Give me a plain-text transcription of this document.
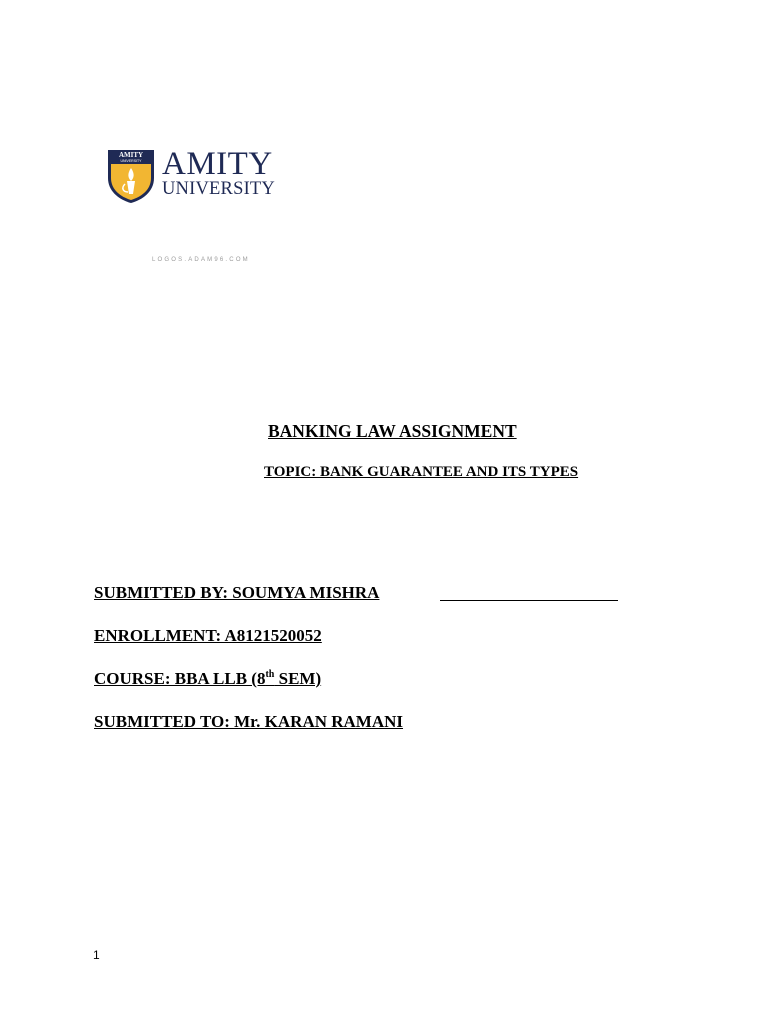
AMITY
UNIVERSITY AMITY
UNIVERSITY
LOGOS.ADAM96.COM
BANKING LAW ASSIGNMENT
TOPIC: BANK GUARANTEE AND ITS TYPES
SUBMITTED BY: SOUMYA MISHRA
ENROLLMENT: A8121520052
COURSE: BBA LLB (8th SEM)
SUBMITTED TO: Mr. KARAN RAMANI
1
